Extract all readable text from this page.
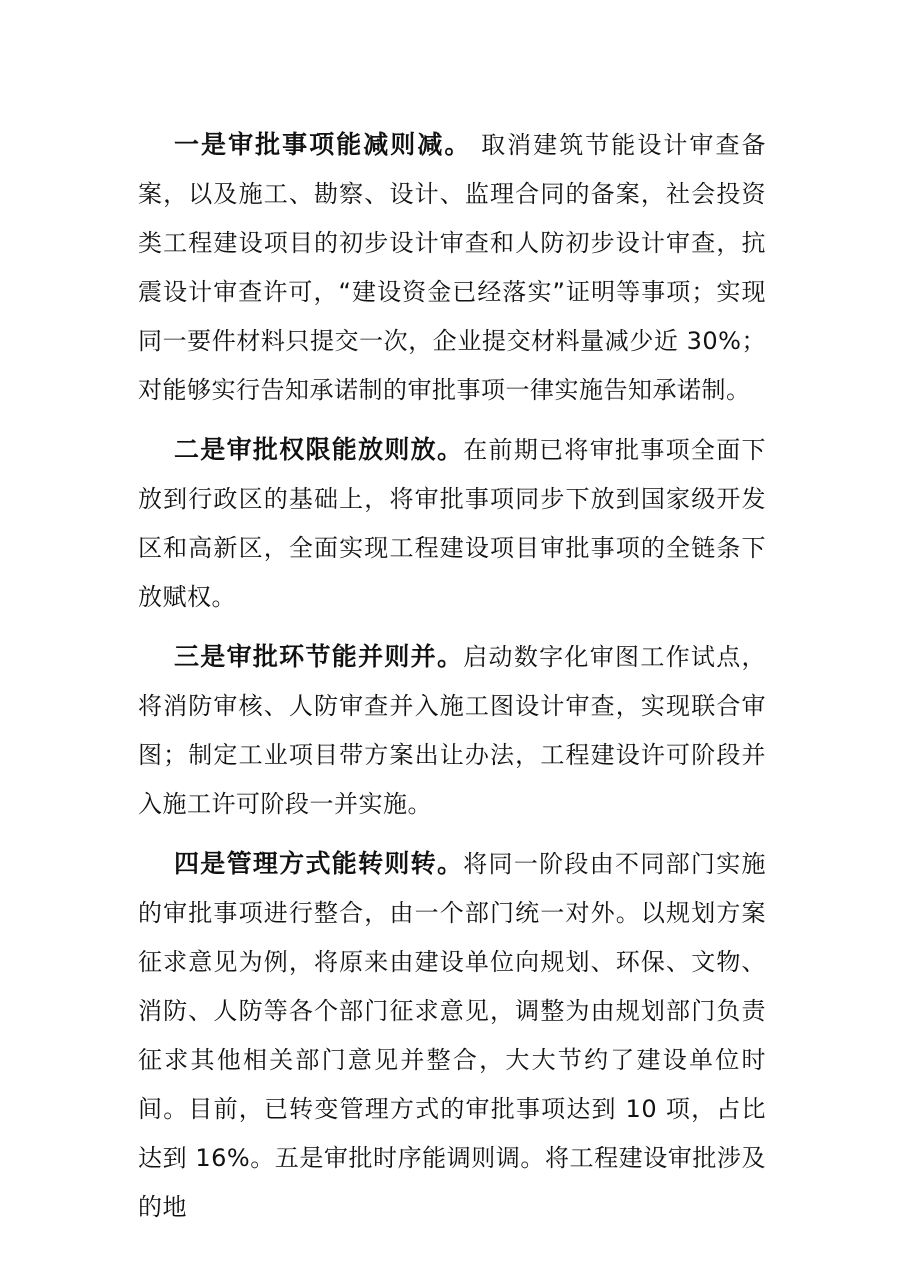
一是审批事项能减则减。 取消建筑节能设计审查备案，以及施工、勘察、设计、监理合同的备案，社会投资类工程建设项目的初步设计审查和人防初步设计审查，抗震设计审查许可，“建设资金已经落实”证明等事项；实现同一要件材料只提交一次，企业提交材料量减少近 30%；对能够实行告知承诺制的审批事项一律实施告知承诺制。

二是审批权限能放则放。在前期已将审批事项全面下放到行政区的基础上，将审批事项同步下放到国家级开发区和高新区，全面实现工程建设项目审批事项的全链条下放赋权。

三是审批环节能并则并。启动数字化审图工作试点，将消防审核、人防审查并入施工图设计审查，实现联合审图；制定工业项目带方案出让办法，工程建设许可阶段并入施工许可阶段一并实施。

四是管理方式能转则转。将同一阶段由不同部门实施的审批事项进行整合，由一个部门统一对外。以规划方案征求意见为例，将原来由建设单位向规划、环保、文物、消防、人防等各个部门征求意见，调整为由规划部门负责征求其他相关部门意见并整合，大大节约了建设单位时间。目前，已转变管理方式的审批事项达到 10 项，占比达到 16%。五是审批时序能调则调。将工程建设审批涉及的地
